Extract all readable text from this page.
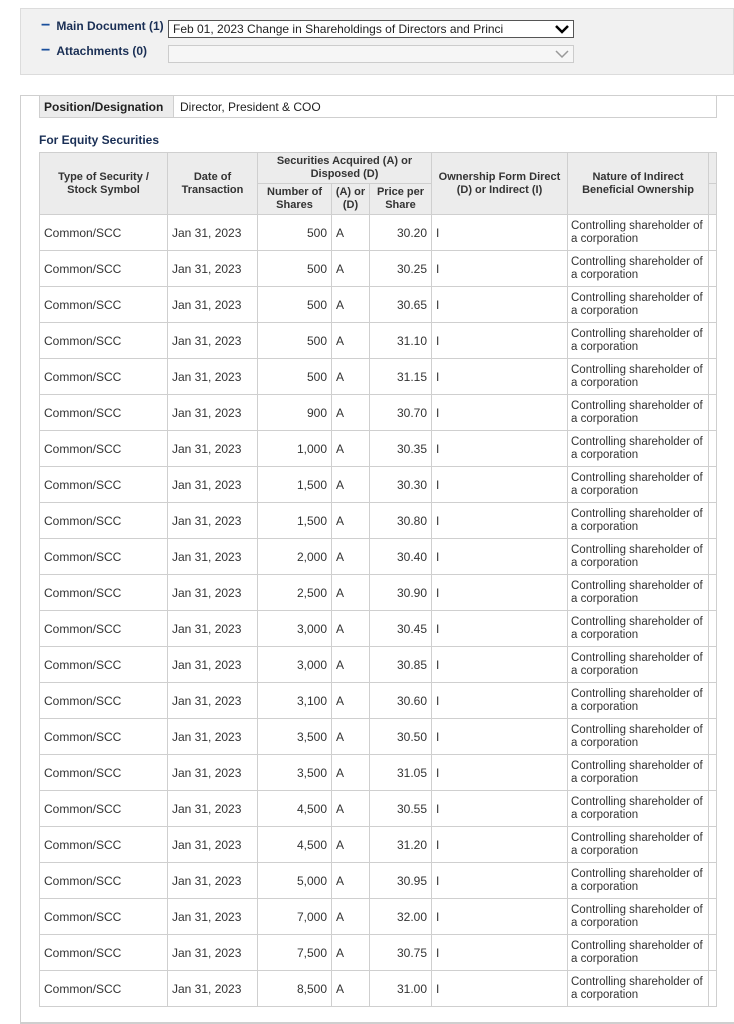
− Main Document (1) Feb 01, 2023 Change in Shareholdings of Directors and Princi
− Attachments (0)
Position/Designation	Director, President & COO
For Equity Securities
Type of Security / Stock Symbol	Date of Transaction	Securities Acquired (A) or Disposed (D)			Ownership Form Direct (D) or Indirect (I)	Nature of Indirect Beneficial Ownership	
		Number of Shares	(A) or (D)	Price per Share			
Common/SCC	Jan 31, 2023	500	A	30.20	I	Controlling shareholder of a corporation	
Common/SCC	Jan 31, 2023	500	A	30.25	I	Controlling shareholder of a corporation	
Common/SCC	Jan 31, 2023	500	A	30.65	I	Controlling shareholder of a corporation	
Common/SCC	Jan 31, 2023	500	A	31.10	I	Controlling shareholder of a corporation	
Common/SCC	Jan 31, 2023	500	A	31.15	I	Controlling shareholder of a corporation	
Common/SCC	Jan 31, 2023	900	A	30.70	I	Controlling shareholder of a corporation	
Common/SCC	Jan 31, 2023	1,000	A	30.35	I	Controlling shareholder of a corporation	
Common/SCC	Jan 31, 2023	1,500	A	30.30	I	Controlling shareholder of a corporation	
Common/SCC	Jan 31, 2023	1,500	A	30.80	I	Controlling shareholder of a corporation	
Common/SCC	Jan 31, 2023	2,000	A	30.40	I	Controlling shareholder of a corporation	
Common/SCC	Jan 31, 2023	2,500	A	30.90	I	Controlling shareholder of a corporation	
Common/SCC	Jan 31, 2023	3,000	A	30.45	I	Controlling shareholder of a corporation	
Common/SCC	Jan 31, 2023	3,000	A	30.85	I	Controlling shareholder of a corporation	
Common/SCC	Jan 31, 2023	3,100	A	30.60	I	Controlling shareholder of a corporation	
Common/SCC	Jan 31, 2023	3,500	A	30.50	I	Controlling shareholder of a corporation	
Common/SCC	Jan 31, 2023	3,500	A	31.05	I	Controlling shareholder of a corporation	
Common/SCC	Jan 31, 2023	4,500	A	30.55	I	Controlling shareholder of a corporation	
Common/SCC	Jan 31, 2023	4,500	A	31.20	I	Controlling shareholder of a corporation	
Common/SCC	Jan 31, 2023	5,000	A	30.95	I	Controlling shareholder of a corporation	
Common/SCC	Jan 31, 2023	7,000	A	32.00	I	Controlling shareholder of a corporation	
Common/SCC	Jan 31, 2023	7,500	A	30.75	I	Controlling shareholder of a corporation	
Common/SCC	Jan 31, 2023	8,500	A	31.00	I	Controlling shareholder of a corporation	
